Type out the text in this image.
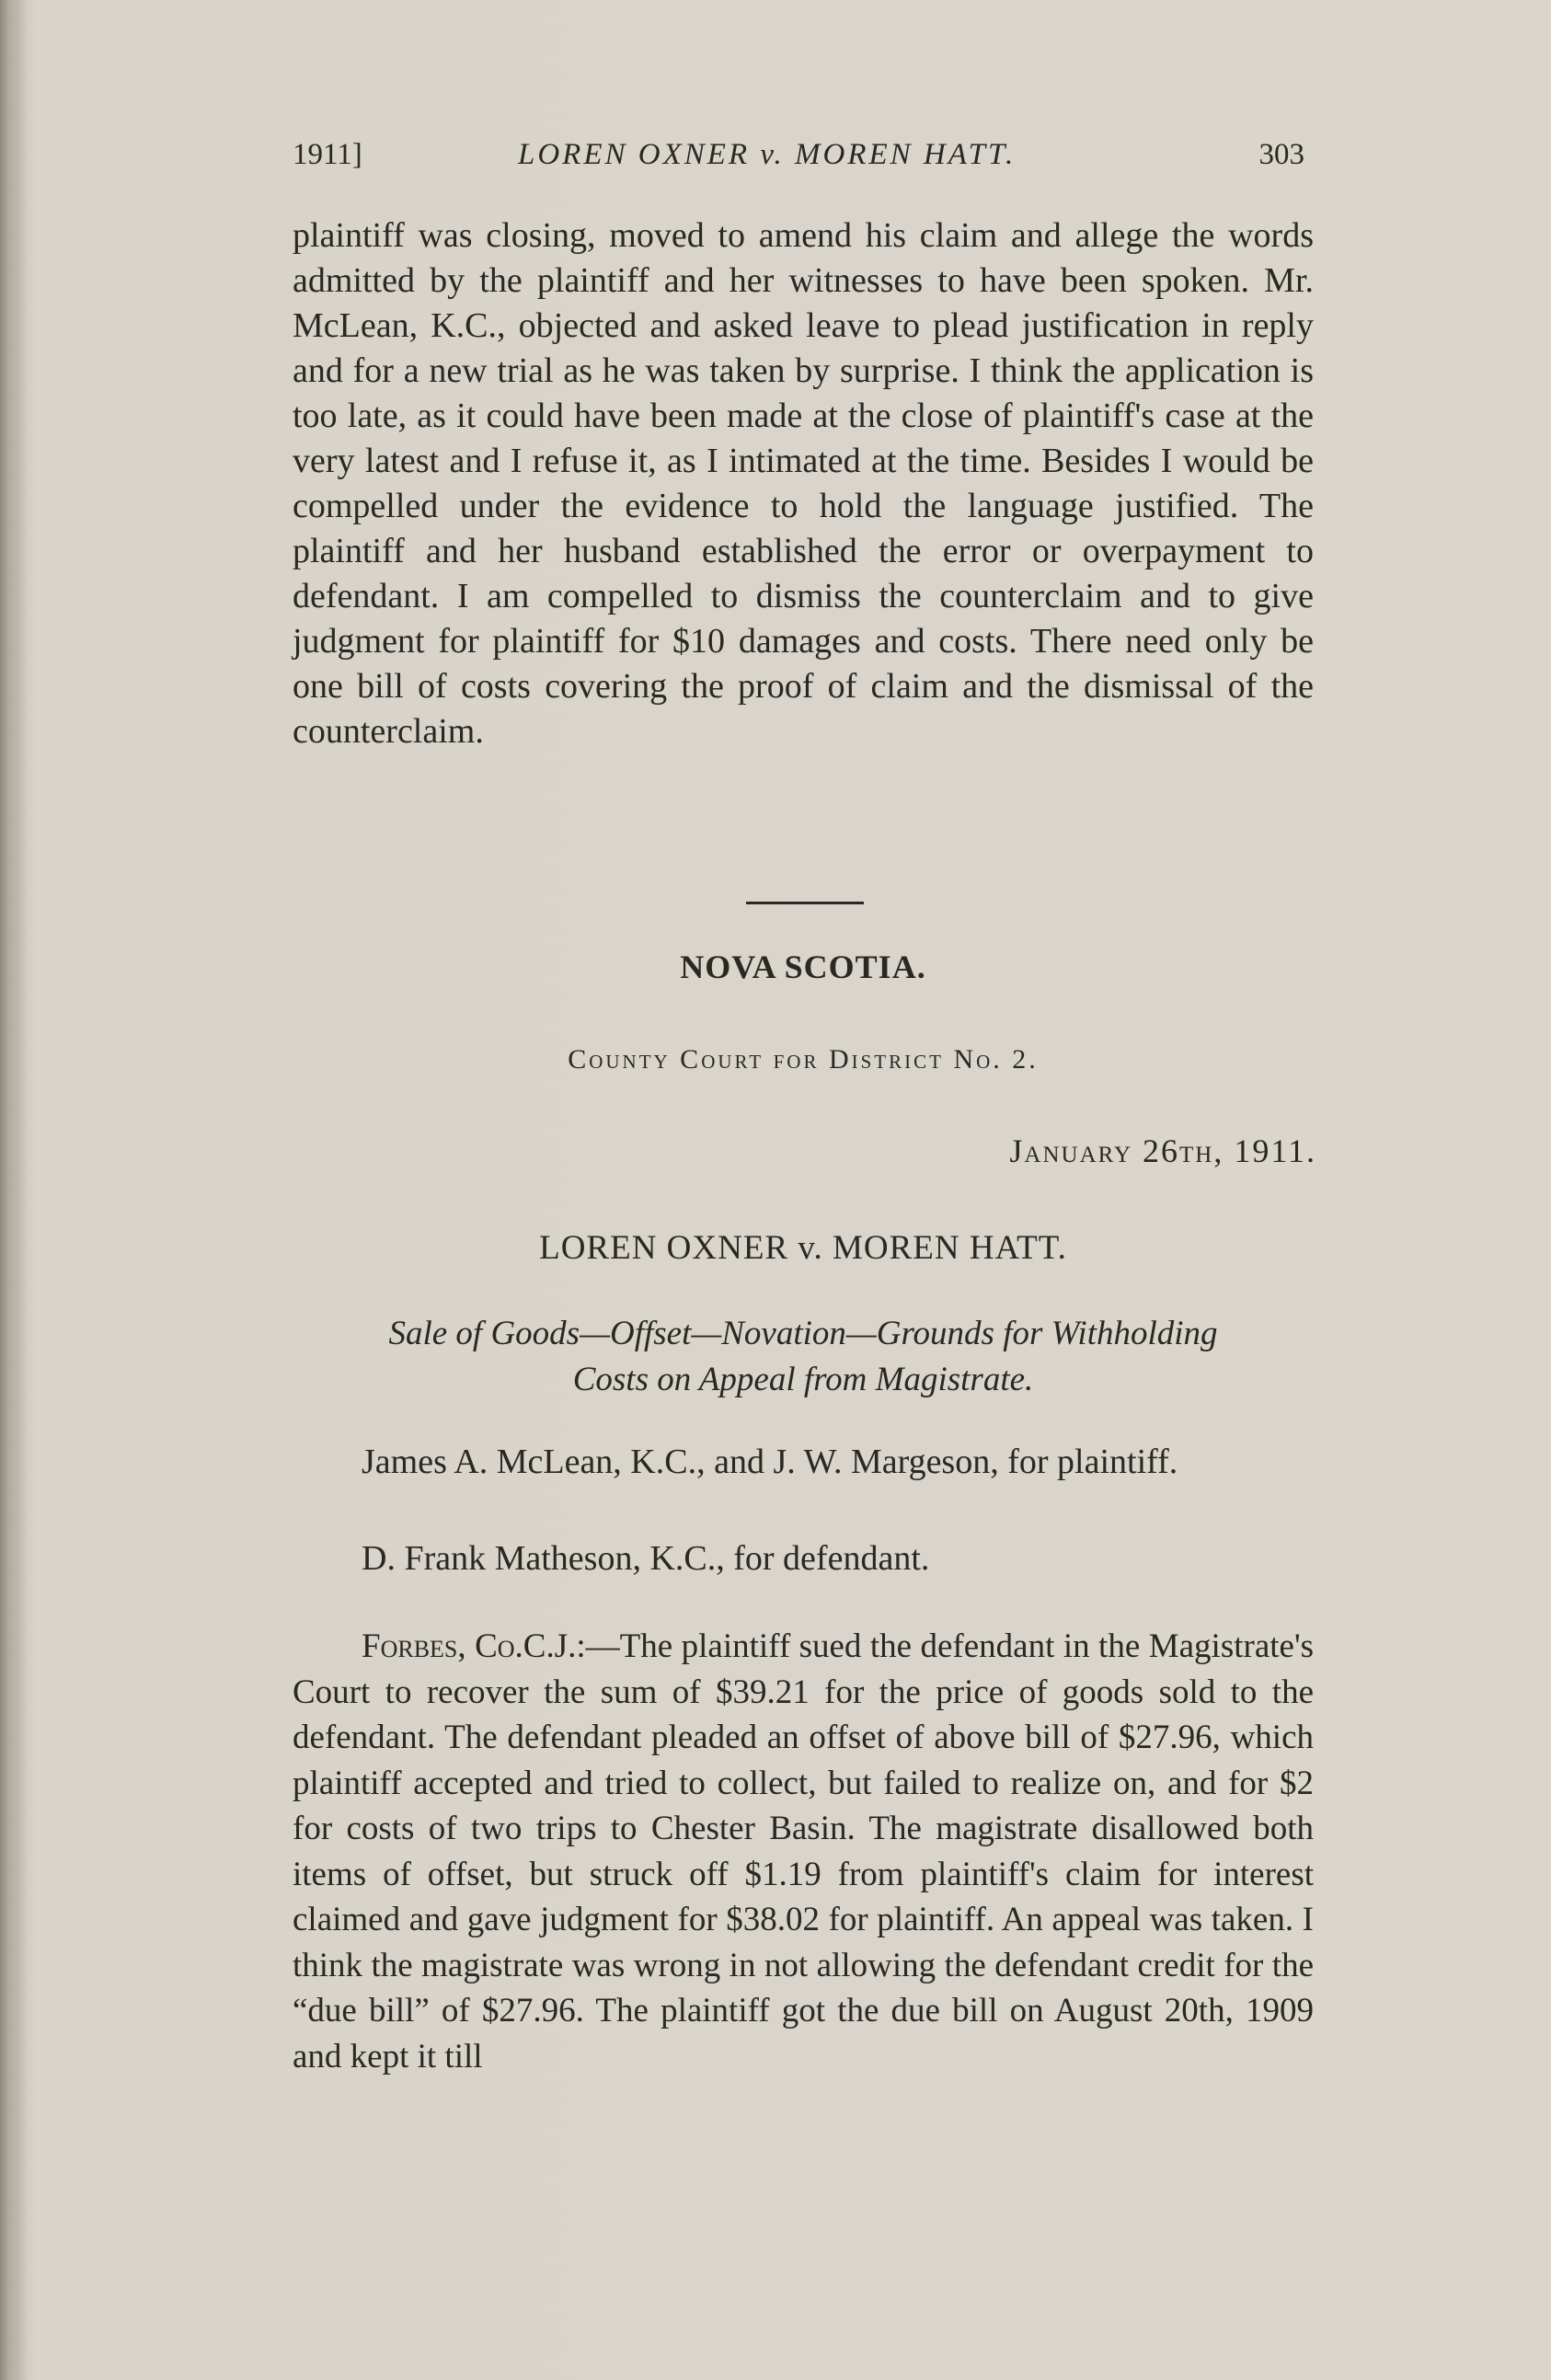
1911]	LOREN OXNER v. MOREN HATT.	303

plaintiff was closing, moved to amend his claim and allege the words admitted by the plaintiff and her witnesses to have been spoken. Mr. McLean, K.C., objected and asked leave to plead justification in reply and for a new trial as he was taken by surprise. I think the application is too late, as it could have been made at the close of plaintiff's case at the very latest and I refuse it, as I intimated at the time. Besides I would be compelled under the evidence to hold the language justified. The plaintiff and her husband established the error or overpayment to defendant. I am compelled to dismiss the counterclaim and to give judgment for plaintiff for $10 damages and costs. There need only be one bill of costs covering the proof of claim and the dismissal of the counterclaim.

NOVA SCOTIA.
County Court for District No. 2.
January 26th, 1911.
LOREN OXNER v. MOREN HATT.
Sale of Goods—Offset—Novation—Grounds for Withholding
Costs on Appeal from Magistrate.
James A. McLean, K.C., and J. W. Margeson, for plaintiff.
D. Frank Matheson, K.C., for defendant.
Forbes, Co.C.J.:—The plaintiff sued the defendant in the Magistrate's Court to recover the sum of $39.21 for the price of goods sold to the defendant. The defendant pleaded an offset of above bill of $27.96, which plaintiff accepted and tried to collect, but failed to realize on, and for $2 for costs of two trips to Chester Basin. The magistrate disallowed both items of offset, but struck off $1.19 from plaintiff's claim for interest claimed and gave judgment for $38.02 for plaintiff. An appeal was taken. I think the magistrate was wrong in not allowing the defendant credit for the “due bill” of $27.96. The plaintiff got the due bill on August 20th, 1909 and kept it till
